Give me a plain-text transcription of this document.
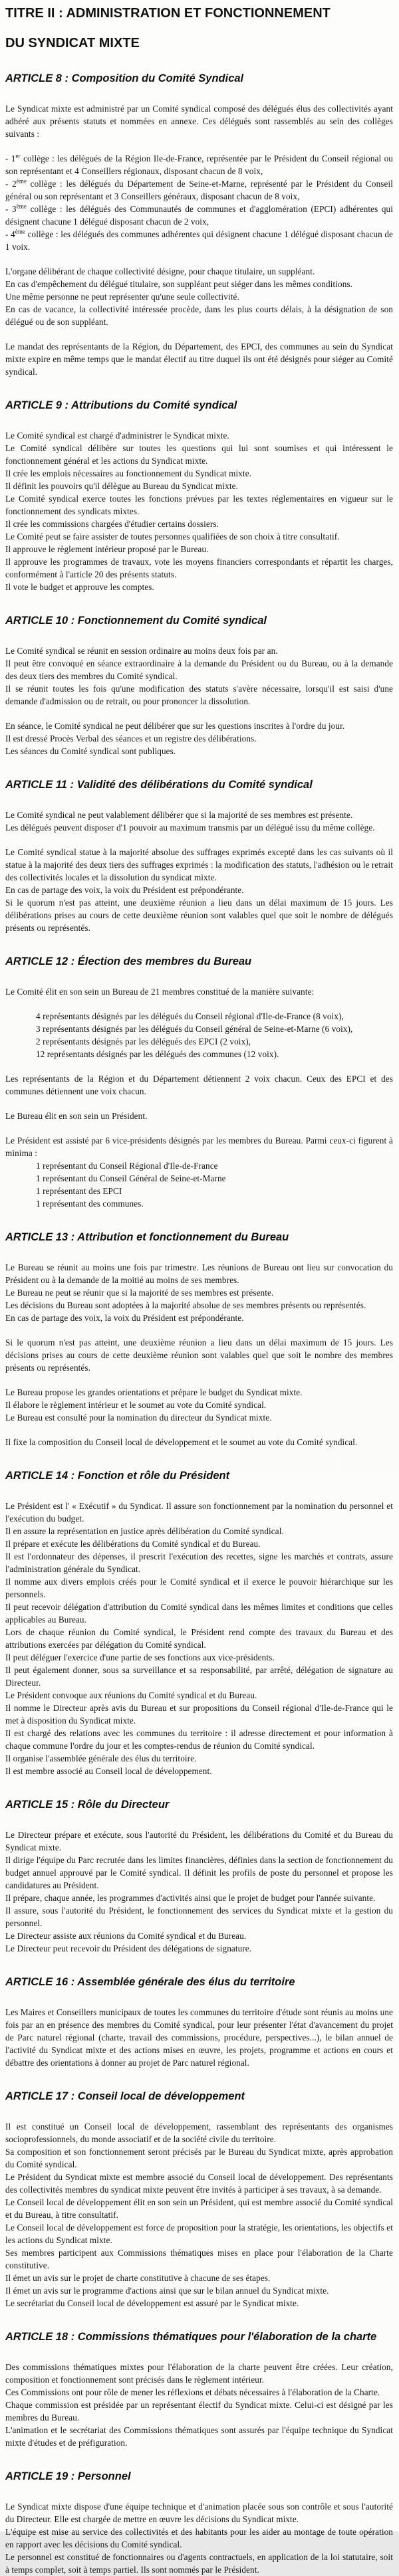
TITRE II : ADMINISTRATION ET FONCTIONNEMENT
DU SYNDICAT MIXTE
ARTICLE 8 : Composition du Comité Syndical

Le Syndicat mixte est administré par un Comité syndical composé des délégués élus des collectivités ayant adhéré aux présents statuts et nommées en annexe. Ces délégués sont rassemblés au sein des collèges suivants :

- 1er collège : les délégués de la Région Ile-de-France, représentée par le Président du Conseil régional ou son représentant et 4 Conseillers régionaux, disposant chacun de 8 voix,

- 2ème collège : les délégués du Département de Seine-et-Marne, représenté par le Président du Conseil général ou son représentant et 3 Conseillers généraux, disposant chacun de 8 voix,

- 3ème collège : les délégués des Communautés de communes et d'agglomération (EPCI) adhérentes qui désignent chacune 1 délégué disposant chacun de 2 voix,

- 4ème collège : les délégués des communes adhérentes qui désignent chacune 1 délégué disposant chacun de 1 voix.

L'organe délibérant de chaque collectivité désigne, pour chaque titulaire, un suppléant.

En cas d'empêchement du délégué titulaire, son suppléant peut siéger dans les mêmes conditions.

Une même personne ne peut représenter qu'une seule collectivité.

En cas de vacance, la collectivité intéressée procède, dans les plus courts délais, à la désignation de son délégué ou de son suppléant.

Le mandat des représentants de la Région, du Département, des EPCI, des communes au sein du Syndicat mixte expire en même temps que le mandat électif au titre duquel ils ont été désignés pour siéger au Comité syndical.

ARTICLE 9 : Attributions du Comité syndical

Le Comité syndical est chargé d'administrer le Syndicat mixte.

Le Comité syndical délibère sur toutes les questions qui lui sont soumises et qui intéressent le fonctionnement général et les actions du Syndicat mixte.

Il crée les emplois nécessaires au fonctionnement du Syndicat mixte.

Il définit les pouvoirs qu'il délègue au Bureau du Syndicat mixte.

Le Comité syndical exerce toutes les fonctions prévues par les textes réglementaires en vigueur sur le fonctionnement des syndicats mixtes.

Il crée les commissions chargées d'étudier certains dossiers.

Le Comité peut se faire assister de toutes personnes qualifiées de son choix à titre consultatif.

Il approuve le règlement intérieur proposé par le Bureau.

Il approuve les programmes de travaux, vote les moyens financiers correspondants et répartit les charges, conformément à l'article 20 des présents statuts.

Il vote le budget et approuve les comptes.

ARTICLE 10 : Fonctionnement du Comité syndical

Le Comité syndical se réunit en session ordinaire au moins deux fois par an.

Il peut être convoqué en séance extraordinaire à la demande du Président ou du Bureau, ou à la demande des deux tiers des membres du Comité syndical.

Il se réunit toutes les fois qu'une modification des statuts s'avère nécessaire, lorsqu'il est saisi d'une demande d'admission ou de retrait, ou pour prononcer la dissolution.

En séance, le Comité syndical ne peut délibérer que sur les questions inscrites à l'ordre du jour.

Il est dressé Procès Verbal des séances et un registre des délibérations.

Les séances du Comité syndical sont publiques.

ARTICLE 11 : Validité des délibérations du Comité syndical

Le Comité syndical ne peut valablement délibérer que si la majorité de ses membres est présente.

Les délégués peuvent disposer d'1 pouvoir au maximum transmis par un délégué issu du même collège.

Le Comité syndical statue à la majorité absolue des suffrages exprimés excepté dans les cas suivants où il statue à la majorité des deux tiers des suffrages exprimés : la modification des statuts, l'adhésion ou le retrait des collectivités locales et la dissolution du syndicat mixte.

En cas de partage des voix, la voix du Président est prépondérante.

Si le quorum n'est pas atteint, une deuxième réunion a lieu dans un délai maximum de 15 jours. Les délibérations prises au cours de cette deuxième réunion sont valables quel que soit le nombre de délégués présents ou représentés.

ARTICLE 12 : Élection des membres du Bureau

Le Comité élit en son sein un Bureau de 21 membres constitué de la manière suivante:

4 représentants désignés par les délégués du Conseil régional d'Ile-de-France (8 voix),

3 représentants désignés par les délégués du Conseil général de Seine-et-Marne (6 voix),

2 représentants désignés par les délégués des EPCI (2 voix),

12 représentants désignés par les délégués des communes (12 voix).

Les représentants de la Région et du Département détiennent 2 voix chacun. Ceux des EPCI et des communes détiennent une voix chacun.

Le Bureau élit en son sein un Président.

Le Président est assisté par 6 vice-présidents désignés par les membres du Bureau. Parmi ceux-ci figurent à minima :

1 représentant du Conseil Régional d'Ile-de-France

1 représentant du Conseil Général de Seine-et-Marne

1 représentant des EPCI

1 représentant des communes.

ARTICLE 13 : Attribution et fonctionnement du Bureau

Le Bureau se réunit au moins une fois par trimestre. Les réunions de Bureau ont lieu sur convocation du Président ou à la demande de la moitié au moins de ses membres.

Le Bureau ne peut se réunir que si la majorité de ses membres est présente.

Les décisions du Bureau sont adoptées à la majorité absolue de ses membres présents ou représentés.

En cas de partage des voix, la voix du Président est prépondérante.

Si le quorum n'est pas atteint, une deuxième réunion a lieu dans un délai maximum de 15 jours. Les décisions prises au cours de cette deuxième réunion sont valables quel que soit le nombre des membres présents ou représentés.

Le Bureau propose les grandes orientations et prépare le budget du Syndicat mixte.

Il élabore le règlement intérieur et le soumet au vote du Comité syndical.

Le Bureau est consulté pour la nomination du directeur du Syndicat mixte.

Il fixe la composition du Conseil local de développement et le soumet au vote du Comité syndical.

ARTICLE 14 : Fonction et rôle du Président

Le Président est l' « Exécutif » du Syndicat. Il assure son fonctionnement par la nomination du personnel et l'exécution du budget.

Il en assure la représentation en justice après délibération du Comité syndical.

Il prépare et exécute les délibérations du Comité syndical et du Bureau.

Il est l'ordonnateur des dépenses, il prescrit l'exécution des recettes, signe les marchés et contrats, assure l'administration générale du Syndicat.

Il nomme aux divers emplois créés pour le Comité syndical et il exerce le pouvoir hiérarchique sur les personnels.

Il peut recevoir délégation d'attribution du Comité syndical dans les mêmes limites et conditions que celles applicables au Bureau.

Lors de chaque réunion du Comité syndical, le Président rend compte des travaux du Bureau et des attributions exercées par délégation du Comité syndical.

Il peut déléguer l'exercice d'une partie de ses fonctions aux vice-présidents.

Il peut également donner, sous sa surveillance et sa responsabilité, par arrêté, délégation de signature au Directeur.

Le Président convoque aux réunions du Comité syndical et du Bureau.

Il nomme le Directeur après avis du Bureau et sur propositions du Conseil régional d'Ile-de-France qui le met à disposition du Syndicat mixte.

Il est chargé des relations avec les communes du territoire : il adresse directement et pour information à chaque commune l'ordre du jour et les comptes-rendus de réunion du Comité syndical.

Il organise l'assemblée générale des élus du territoire.

Il est membre associé au Conseil local de développement.

ARTICLE 15 : Rôle du Directeur

Le Directeur prépare et exécute, sous l'autorité du Président, les délibérations du Comité et du Bureau du Syndicat mixte.

Il dirige l'équipe du Parc recrutée dans les limites financières, définies dans la section de fonctionnement du budget annuel approuvé par le Comité syndical. Il définit les profils de poste du personnel et propose les candidatures au Président.

Il prépare, chaque année, les programmes d'activités ainsi que le projet de budget pour l'année suivante.

Il assure, sous l'autorité du Président, le fonctionnement des services du Syndicat mixte et la gestion du personnel.

Le Directeur assiste aux réunions du Comité syndical et du Bureau.

Le Directeur peut recevoir du Président des délégations de signature.

ARTICLE 16 : Assemblée générale des élus du territoire

Les Maires et Conseillers municipaux de toutes les communes du territoire d'étude sont réunis au moins une fois par an en présence des membres du Comité syndical, pour leur présenter l'état d'avancement du projet de Parc naturel régional (charte, travail des commissions, procédure, perspectives...), le bilan annuel de l'activité du Syndicat mixte et des actions mises en œuvre, les projets, programme et actions en cours et débattre des orientations à donner au projet de Parc naturel régional.

ARTICLE 17 : Conseil local de développement

Il est constitué un Conseil local de développement, rassemblant des représentants des organismes socioprofessionnels, du monde associatif et de la société civile du territoire.

Sa composition et son fonctionnement seront précisés par le Bureau du Syndicat mixte, après approbation du Comité syndical.

Le Président du Syndicat mixte est membre associé du Conseil local de développement. Des représentants des collectivités membres du syndicat mixte peuvent être invités à participer à ses travaux, à sa demande.

Le Conseil local de développement élit en son sein un Président, qui est membre associé du Comité syndical et du Bureau, à titre consultatif.

Le Conseil local de développement est force de proposition pour la stratégie, les orientations, les objectifs et les actions du Syndicat mixte.

Ses membres participent aux Commissions thématiques mises en place pour l'élaboration de la Charte constitutive.

Il émet un avis sur le projet de charte constitutive à chacune de ses étapes.

Il émet un avis sur le programme d'actions ainsi que sur le bilan annuel du Syndicat mixte.

Le secrétariat du Conseil local de développement est assuré par le Syndicat mixte.

ARTICLE 18 : Commissions thématiques pour l'élaboration de la charte

Des commissions thématiques mixtes pour l'élaboration de la charte peuvent être créées. Leur création, composition et fonctionnement sont précisés dans le règlement intérieur.

Ces Commissions ont pour rôle de mener les réflexions et débats nécessaires à l'élaboration de la Charte.

Chaque commission est présidée par un représentant électif du Syndicat mixte. Celui-ci est désigné par les membres du Bureau.

L'animation et le secrétariat des Commissions thématiques sont assurés par l'équipe technique du Syndicat mixte d'études et de préfiguration.

ARTICLE 19 : Personnel

Le Syndicat mixte dispose d'une équipe technique et d'animation placée sous son contrôle et sous l'autorité du Directeur. Elle est chargée de mettre en œuvre les décisions du Syndicat mixte.

L'équipe est mise au service des collectivités et des habitants pour les aider au montage de toute opération en rapport avec les décisions du Comité syndical.

Le personnel est constitué de fonctionnaires ou d'agents contractuels, en application de la loi statutaire, soit à temps complet, soit à temps partiel. Ils sont nommés par le Président.
